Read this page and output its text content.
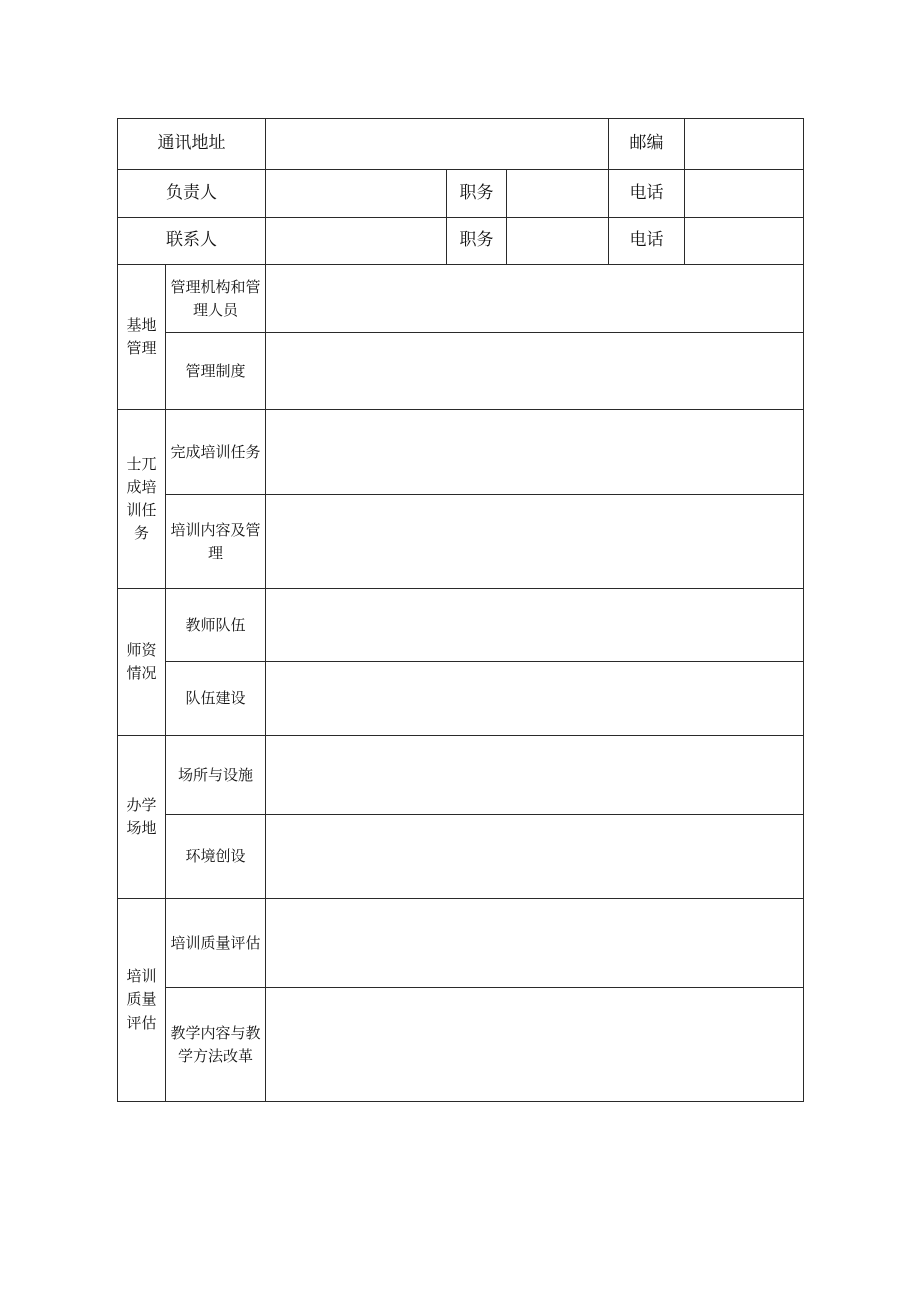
通讯地址					邮编	
负责人			职务		电话	
联系人			职务		电话	
基地管理	管理机构和管理人员					
	管理制度					
士兀成培训任务	完成培训任务					
	培训内容及管理					
师资情况	教师队伍					
	队伍建设					
办学场地	场所与设施					
	环境创设					
培训质量评估	培训质量评估					
	教学内容与教学方法改革					
